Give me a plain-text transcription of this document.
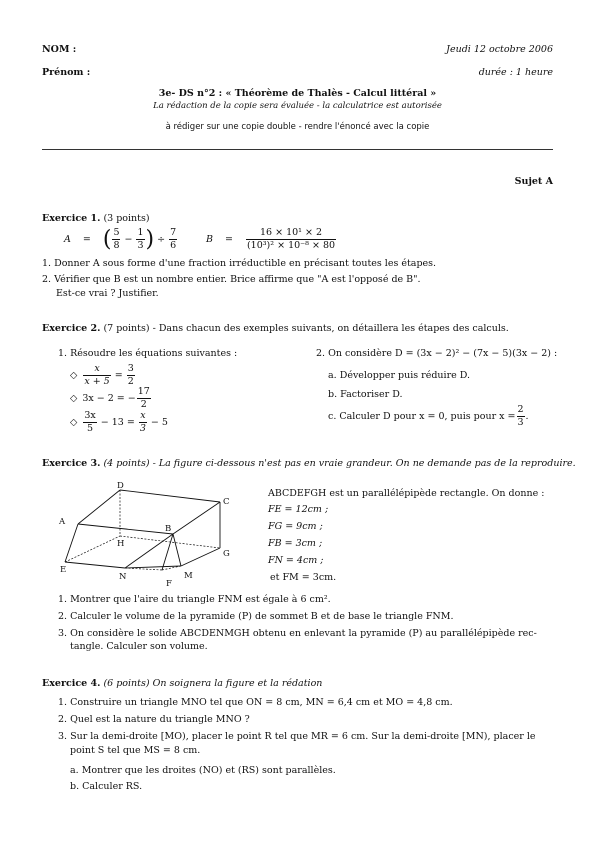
NOM :	Jeudi 12 octobre 2006
Prénom :	durée : 1 heure
3e- DS n°2 : « Théorème de Thalès - Calcul littéral »
La rédaction de la copie sera évaluée - la calculatrice est autorisée
à rédiger sur une copie double - rendre l'énoncé avec la copie
Sujet A
Exercice 1. (3 points)
A = ( $\frac{5}{8} - \frac{1}{3}$ ) ÷ $\frac{7}{6}$	$B = \frac{\text{16 × 10¹ × 2}}{\text{(10³)² × 10⁻⁸ × 80}}$
1. Donner A sous forme d'une fraction irréductible en précisant toutes les étapes.
2. Vérifier que B est un nombre entier. Brice affirme que "A est l'opposé de B".
Est-ce vrai ? Justifier.
Exercice 2. (7 points) - Dans chacun des exemples suivants, on détaillera les étapes des calculs.
1. Résoudre les équations suivantes :
◇ $\frac{x}{x + 5} = \frac{3}{2}$
◇ 3x − 2 = − $\frac{17}{2}$
◇ $\frac{3x}{5}$
− 13 =
$\frac{x}{3}$
− 5
2. On considère D = (3x − 2)² − (7x − 5)(3x − 2) :
a. Développer puis réduire D.
b. Factoriser D.
c. Calculer D pour x = 0, puis pour $x = \frac{2}{3}$ .
Exercice 3. (4 points) - La figure ci-dessous n'est pas en vraie grandeur. On ne demande pas de la reproduire.
A
D
C
B
H
G
E
N
F
M
ABCDEFGH est un parallélépipède rectangle. On donne :
FE = 12cm ;
FG = 9cm ;
FB = 3cm ;
FN = 4cm ;
et FM = 3cm.
1. Montrer que l'aire du triangle FNM est égale à 6 cm².
2. Calculer le volume de la pyramide (P) de sommet B et de base le triangle FNM.
3. On considère le solide ABCDENMGH obtenu en enlevant la pyramide (P) au parallélépipède rec-
tangle. Calculer son volume.
Exercice 4. (6 points) On soignera la figure et la rédation
1. Construire un triangle MNO tel que ON = 8 cm, MN = 6,4 cm et MO = 4,8 cm.
2. Quel est la nature du triangle MNO ?
3. Sur la demi-droite [MO), placer le point R tel que MR = 6 cm. Sur la demi-droite [MN), placer le
point S tel que MS = 8 cm.
a. Montrer que les droites (NO) et (RS) sont parallèles.
b. Calculer RS.
